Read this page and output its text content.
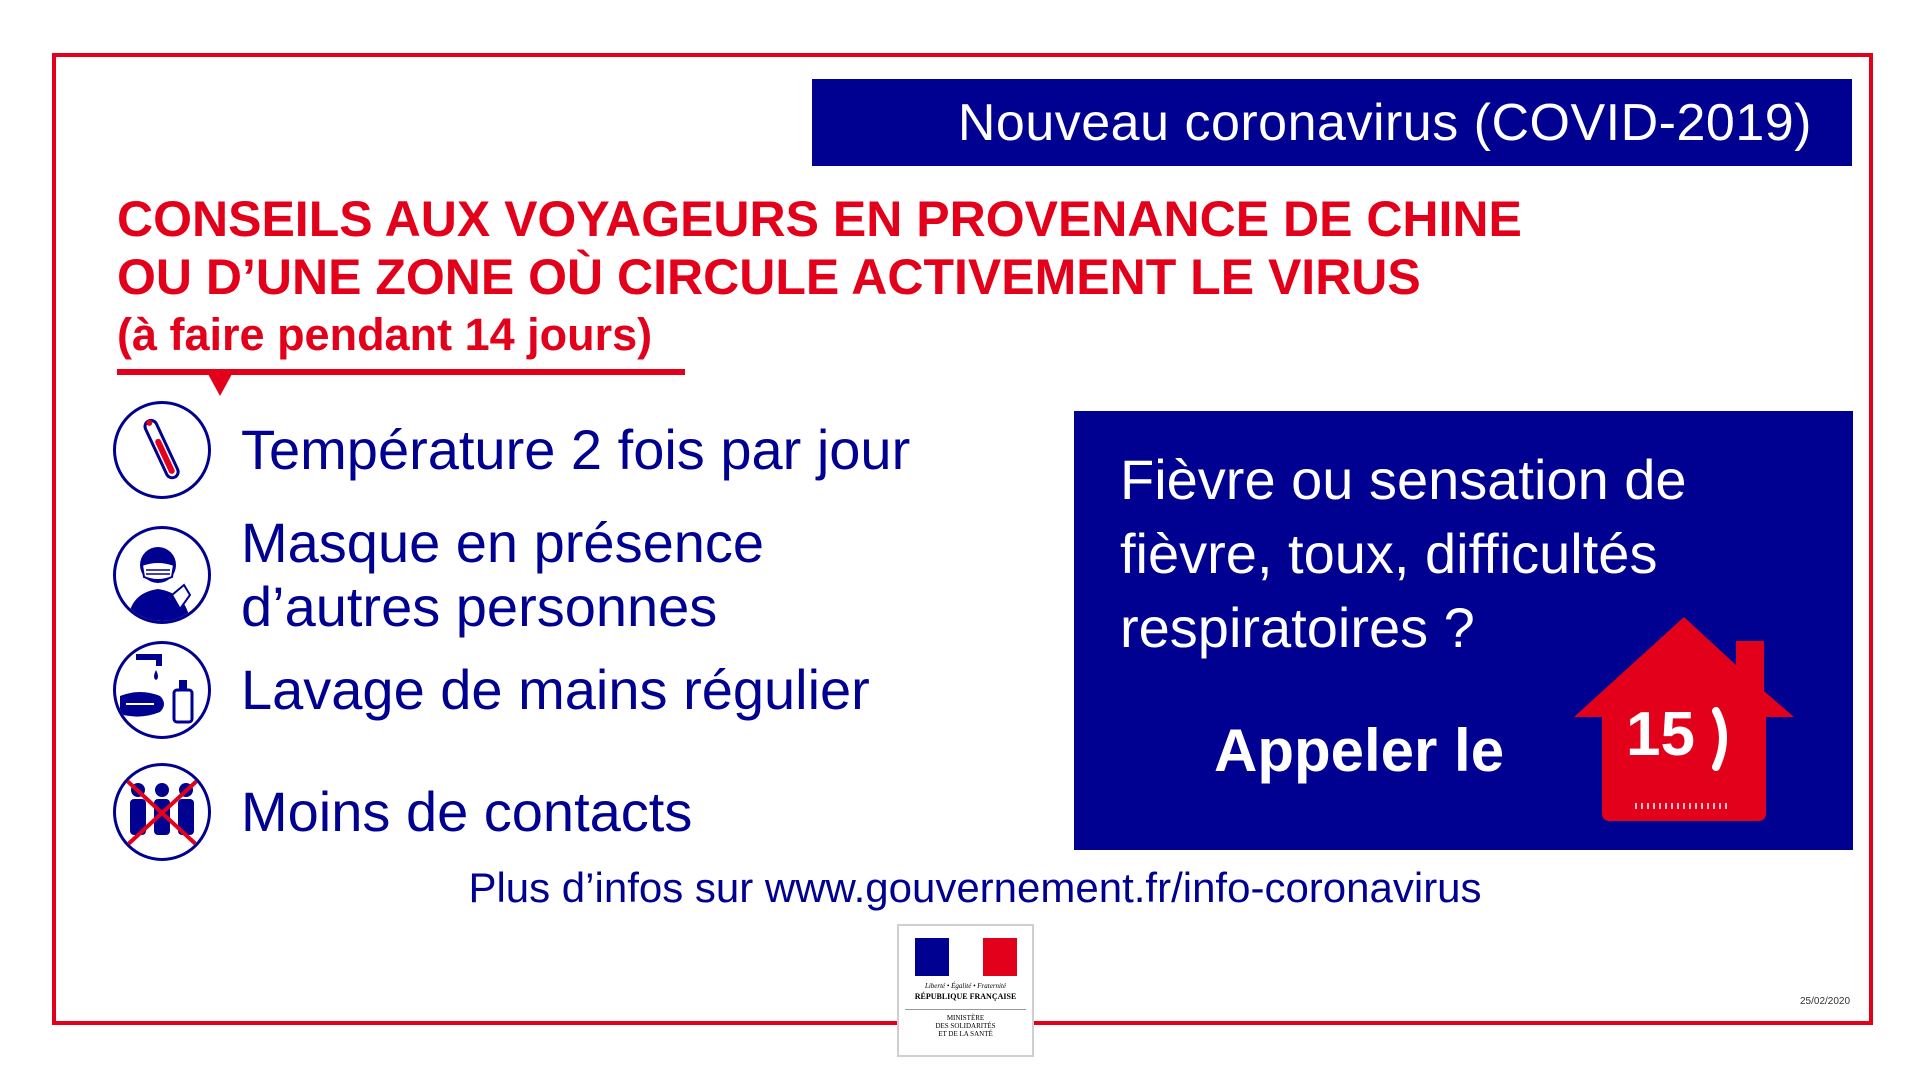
Nouveau coronavirus (COVID-2019)
CONSEILS AUX VOYAGEURS EN PROVENANCE DE CHINE
OU D’UNE ZONE OÙ CIRCULE ACTIVEMENT LE VIRUS
(à faire pendant 14 jours)
Température 2 fois par jour
Masque en présence
d’autres personnes
Lavage de mains régulier
Moins de contacts
Fièvre ou sensation de
fièvre, toux, difficultés
respiratoires ?
Appeler le 15
Plus d’infos sur www.gouvernement.fr/info-coronavirus
Liberté • Égalité • Fraternité
RÉPUBLIQUE FRANÇAISE
MINISTÈRE
DES SOLIDARITÉS
ET DE LA SANTÉ
25/02/2020
